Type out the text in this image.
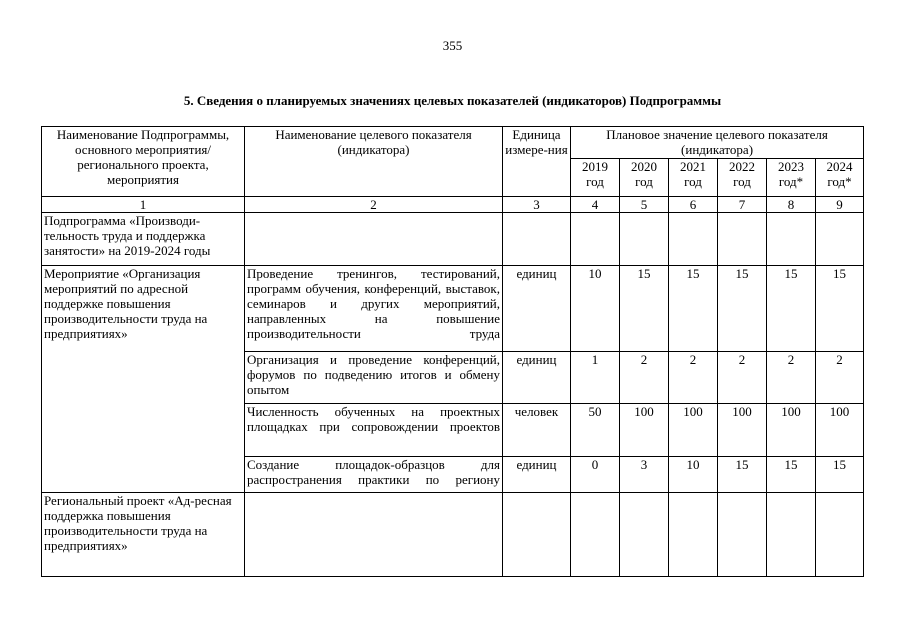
355
5. Сведения о планируемых значениях целевых показателей (индикаторов) Подпрограммы
Наименование Подпрограммы, основного мероприятия/ регионального проекта, мероприятия	Наименование целевого показателя (индикатора)	Единица измере-ния	Плановое значение целевого показателя (индикатора)					
			2019 год	2020 год	2021 год	2022 год	2023 год*	2024 год*
1	2	3	4	5	6	7	8	9
Подпрограмма «Производи-тельность труда и поддержка занятости» на 2019-2024 годы								
Мероприятие «Организация мероприятий по адресной поддержке повышения производительности труда на предприятиях»	Проведение тренингов, тестирований, программ обучения, конференций, выставок, семинаров и других мероприятий, направленных на повышение производительности труда	единиц	10	15	15	15	15	15
	Организация и проведение конференций, форумов по подведению итогов и обмену опытом	единиц	1	2	2	2	2	2
	Численность обученных на проектных площадках при сопровождении проектов	человек	50	100	100	100	100	100
	Создание площадок-образцов для распространения практики по региону	единиц	0	3	10	15	15	15
Региональный проект «Ад-ресная поддержка повышения производительности труда на предприятиях»								
